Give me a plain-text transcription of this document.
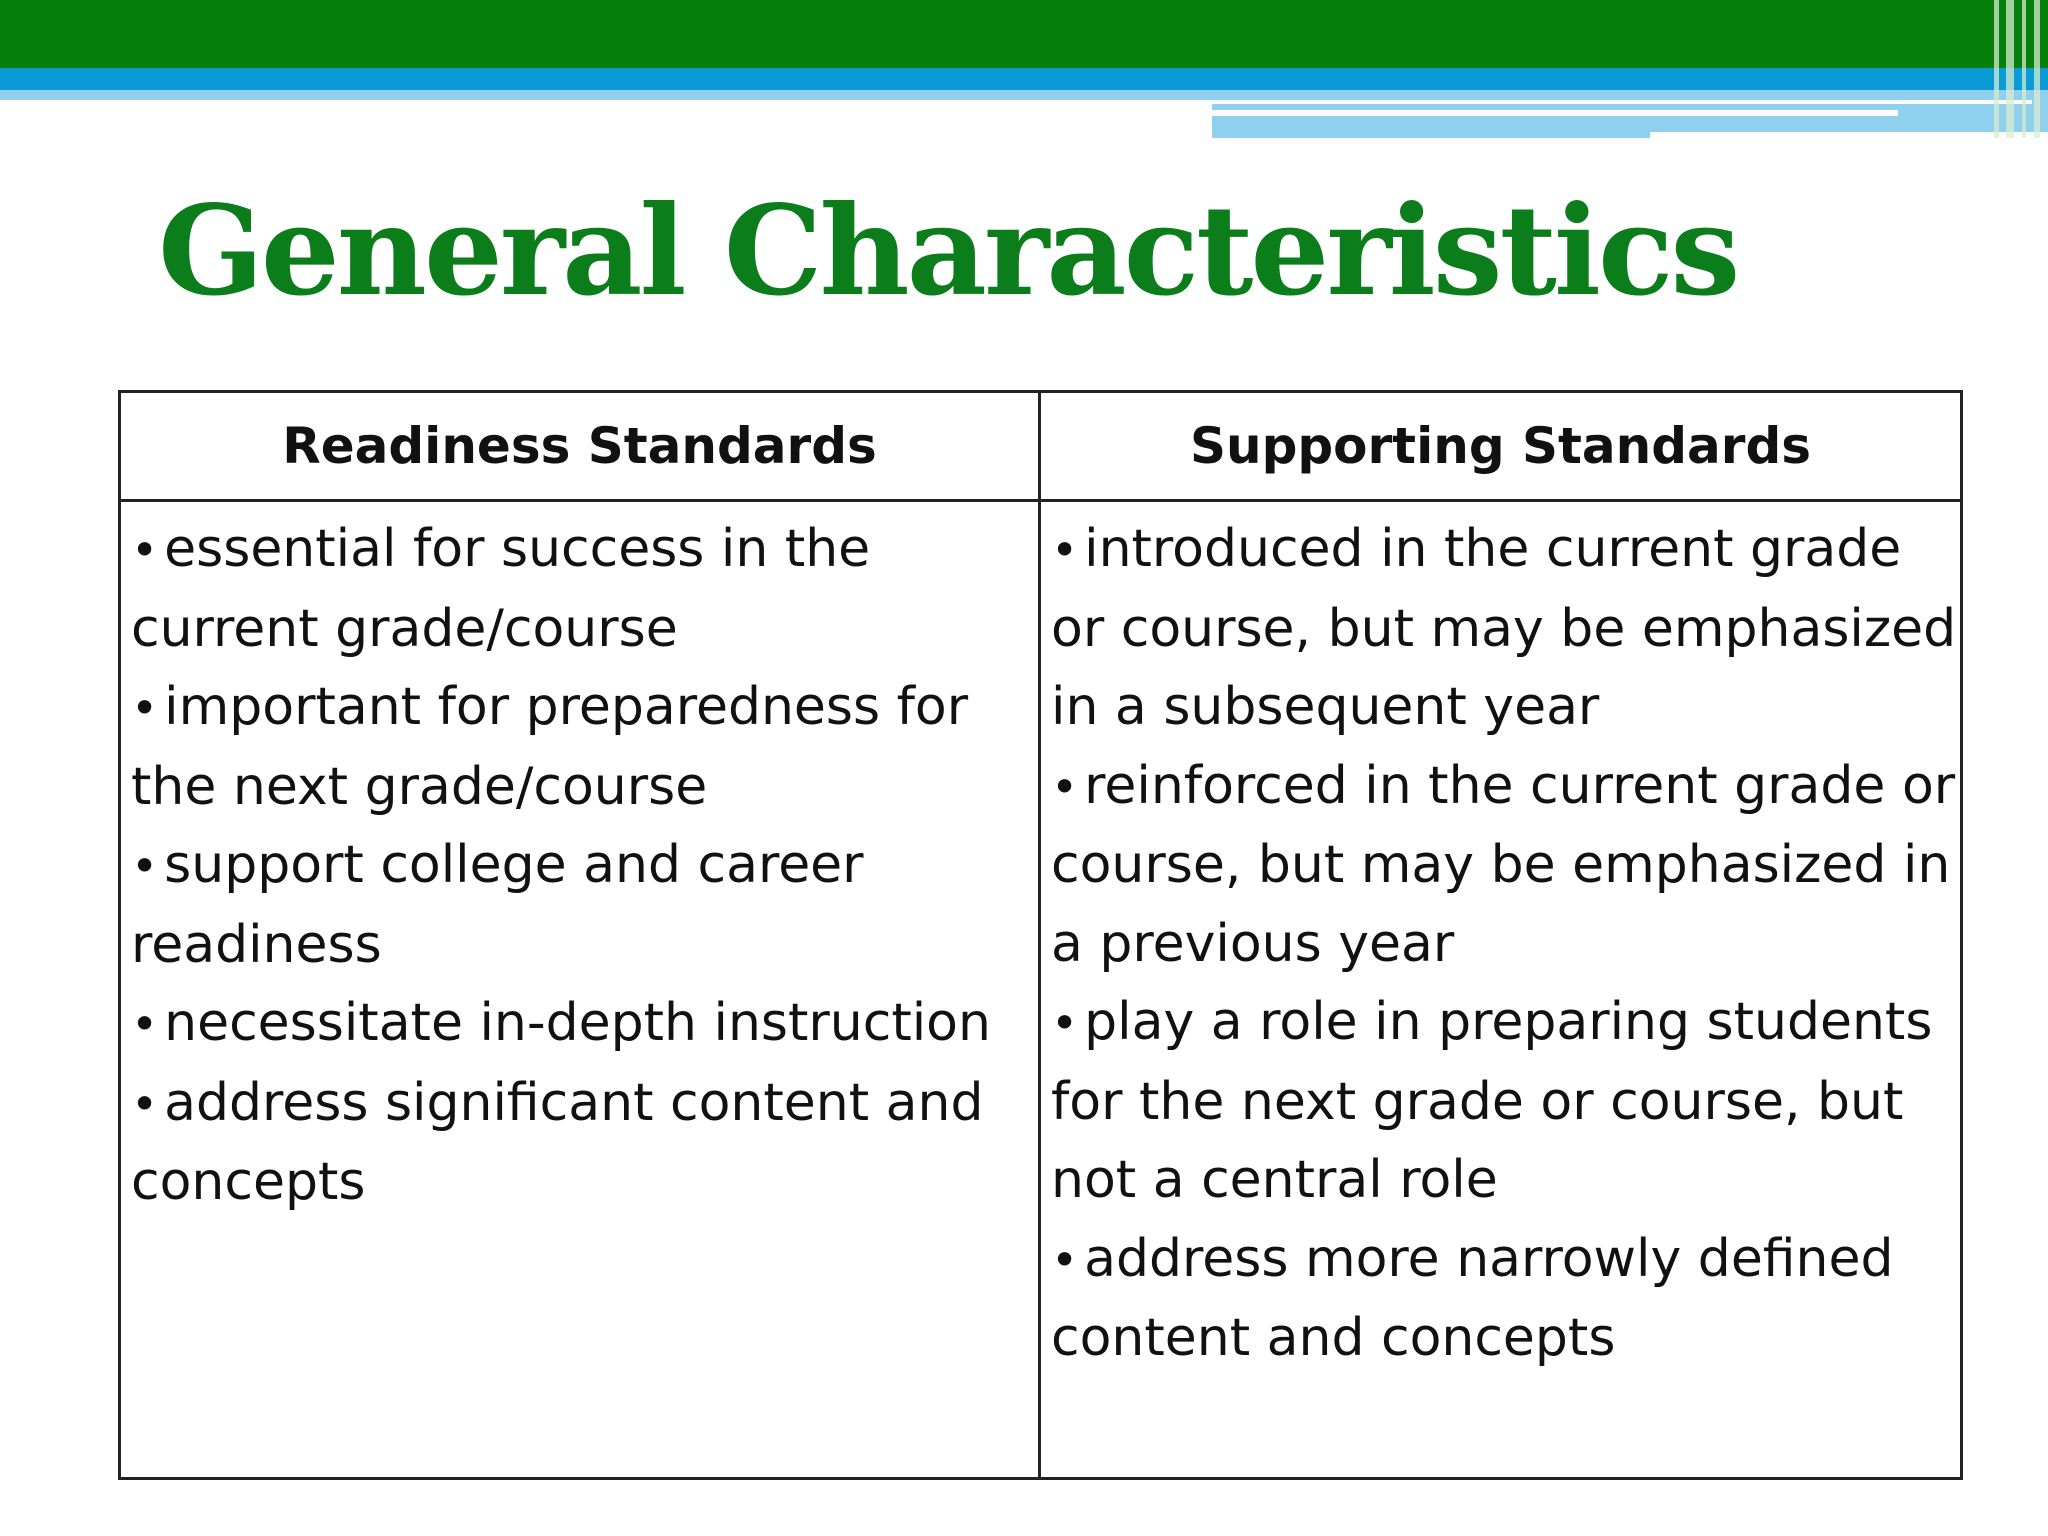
General Characteristics
Readiness Standards	Supporting Standards

• essential for success in the current grade/course

• important for preparedness for the next grade/course

• support college and career readiness

• necessitate in-depth instruction

• address significant content and concepts

• introduced in the current grade or course, but may be emphasized in a subsequent year

• reinforced in the current grade or course, but may be emphasized in a previous year

• play a role in preparing students for the next grade or course, but not a central role

• address more narrowly defined content and concepts
